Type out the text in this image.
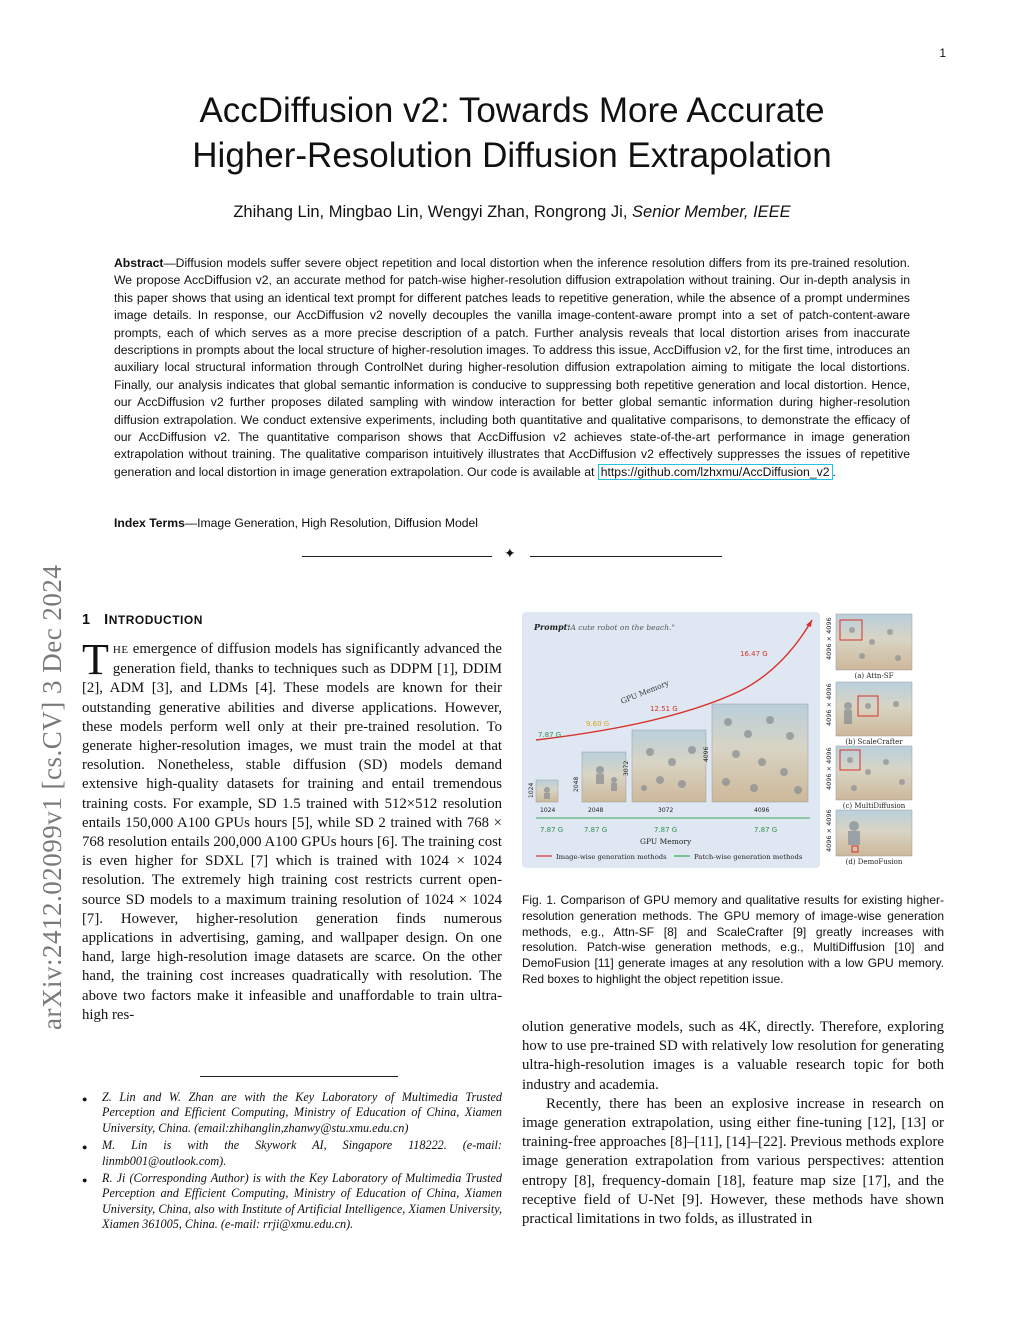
1
arXiv:2412.02099v1 [cs.CV] 3 Dec 2024
AccDiffusion v2: Towards More Accurate
Higher-Resolution Diffusion Extrapolation
Zhihang Lin, Mingbao Lin, Wengyi Zhan, Rongrong Ji, Senior Member, IEEE
Abstract—Diffusion models suffer severe object repetition and local distortion when the inference resolution differs from its pre-trained resolution. We propose AccDiffusion v2, an accurate method for patch-wise higher-resolution diffusion extrapolation without training. Our in-depth analysis in this paper shows that using an identical text prompt for different patches leads to repetitive generation, while the absence of a prompt undermines image details. In response, our AccDiffusion v2 novelly decouples the vanilla image-content-aware prompt into a set of patch-content-aware prompts, each of which serves as a more precise description of a patch. Further analysis reveals that local distortion arises from inaccurate descriptions in prompts about the local structure of higher-resolution images. To address this issue, AccDiffusion v2, for the first time, introduces an auxiliary local structural information through ControlNet during higher-resolution diffusion extrapolation aiming to mitigate the local distortions. Finally, our analysis indicates that global semantic information is conducive to suppressing both repetitive generation and local distortion. Hence, our AccDiffusion v2 further proposes dilated sampling with window interaction for better global semantic information during higher-resolution diffusion extrapolation. We conduct extensive experiments, including both quantitative and qualitative comparisons, to demonstrate the efficacy of our AccDiffusion v2. The quantitative comparison shows that AccDiffusion v2 achieves state-of-the-art performance in image generation extrapolation without training. The qualitative comparison intuitively illustrates that AccDiffusion v2 effectively suppresses the issues of repetitive generation and local distortion in image generation extrapolation. Our code is available at https://github.com/lzhxmu/AccDiffusion_v2 .
Index Terms—Image Generation, High Resolution, Diffusion Model
✦
1 INTRODUCTION
THE emergence of diffusion models has significantly advanced the generation field, thanks to techniques such as DDPM [1], DDIM [2], ADM [3], and LDMs [4]. These models are known for their outstanding generative abilities and diverse applications. However, these models perform well only at their pre-trained resolution. To generate higher-resolution images, we must train the model at that resolution. Nonetheless, stable diffusion (SD) models demand extensive high-quality datasets for training and entail tremendous training costs. For example, SD 1.5 trained with 512×512 resolution entails 150,000 A100 GPUs hours [5], while SD 2 trained with 768 × 768 resolution entails 200,000 A100 GPUs hours [6]. The training cost is even higher for SDXL [7] which is trained with 1024 × 1024 resolution. The extremely high training cost restricts current open-source SD models to a maximum training resolution of 1024 × 1024 [7]. However, higher-resolution generation finds numerous applications in advertising, gaming, and wallpaper design. On one hand, large high-resolution image datasets are scarce. On the other hand, the training cost increases quadratically with resolution. The above two factors make it infeasible and unaffordable to train ultra-high res-
●	Z. Lin and W. Zhan are with the Key Laboratory of Multimedia Trusted Perception and Efficient Computing, Ministry of Education of China, Xiamen University, China. (email:zhihanglin,zhanwy@stu.xmu.edu.cn)
●	M. Lin is with the Skywork AI, Singapore 118222. (e-mail: linmb001@outlook.com).
●	R. Ji (Corresponding Author) is with the Key Laboratory of Multimedia Trusted Perception and Efficient Computing, Ministry of Education of China, Xiamen University, China, also with Institute of Artificial Intelligence, Xiamen University, Xiamen 361005, China. (e-mail: rrji@xmu.edu.cn).
Prompt:
"A cute robot on the beach."
1024	2048
3072
4096
GPU Memory
7.87 G
9.60 G
12.51 G
16.47 G
1024	2048	3072	4096
7.87 G	7.87 G	7.87 G	7.87 G
GPU Memory
Image-wise generation methods	Patch-wise generation methods
(a) Attn-SF
(b) ScaleCrafter
(c) MultiDiffusion
(d) DemoFusion
4096 × 4096
4096 × 4096
4096 × 4096
4096 × 4096
Fig. 1. Comparison of GPU memory and qualitative results for existing higher-resolution generation methods. The GPU memory of image-wise generation methods, e.g., Attn-SF [8] and ScaleCrafter [9] greatly increases with resolution. Patch-wise generation methods, e.g., MultiDiffusion [10] and DemoFusion [11] generate images at any resolution with a low GPU memory. Red boxes to highlight the object repetition issue.
olution generative models, such as 4K, directly. Therefore, exploring how to use pre-trained SD with relatively low resolution for generating ultra-high-resolution images is a valuable research topic for both industry and academia.
Recently, there has been an explosive increase in research on image generation extrapolation, using either fine-tuning [12], [13] or training-free approaches [8]–[11], [14]–[22]. Previous methods explore image generation extrapolation from various perspectives: attention entropy [8], frequency-domain [18], feature map size [17], and the receptive field of U-Net [9]. However, these methods have shown practical limitations in two folds, as illustrated in
